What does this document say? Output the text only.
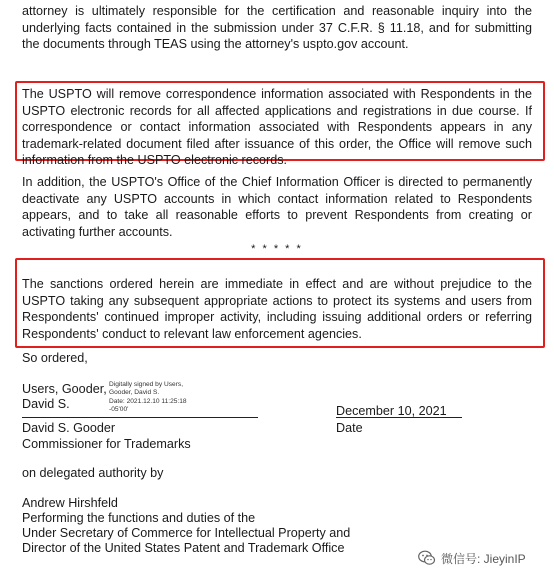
attorney is ultimately responsible for the certification and reasonable inquiry into the underlying facts contained in the submission under 37 C.F.R. § 11.18, and for submitting the documents through TEAS using the attorney's uspto.gov account.

The USPTO will remove correspondence information associated with Respondents in the USPTO electronic records for all affected applications and registrations in due course. If correspondence or contact information associated with Respondents appears in any trademark-related document filed after issuance of this order, the Office will remove such information from the USPTO electronic records.

In addition, the USPTO's Office of the Chief Information Officer is directed to permanently deactivate any USPTO accounts in which contact information related to Respondents appears, and to take all reasonable efforts to prevent Respondents from creating or activating further accounts.

* * * * *

The sanctions ordered herein are immediate in effect and are without prejudice to the USPTO taking any subsequent appropriate actions to protect its systems and users from Respondents' continued improper activity, including issuing additional orders or referring Respondents' conduct to relevant law enforcement agencies.

So ordered,
Users, Gooder,
David S.
Digitally signed by Users,
Gooder, David S.
Date: 2021.12.10 11:25:18
-05'00'	December 10, 2021
David S. Gooder
Commissioner for Trademarks
Date
on delegated authority by
Andrew Hirshfeld
Performing the functions and duties of the
Under Secretary of Commerce for Intellectual Property and
Director of the United States Patent and Trademark Office
微信号: JieyinIP
